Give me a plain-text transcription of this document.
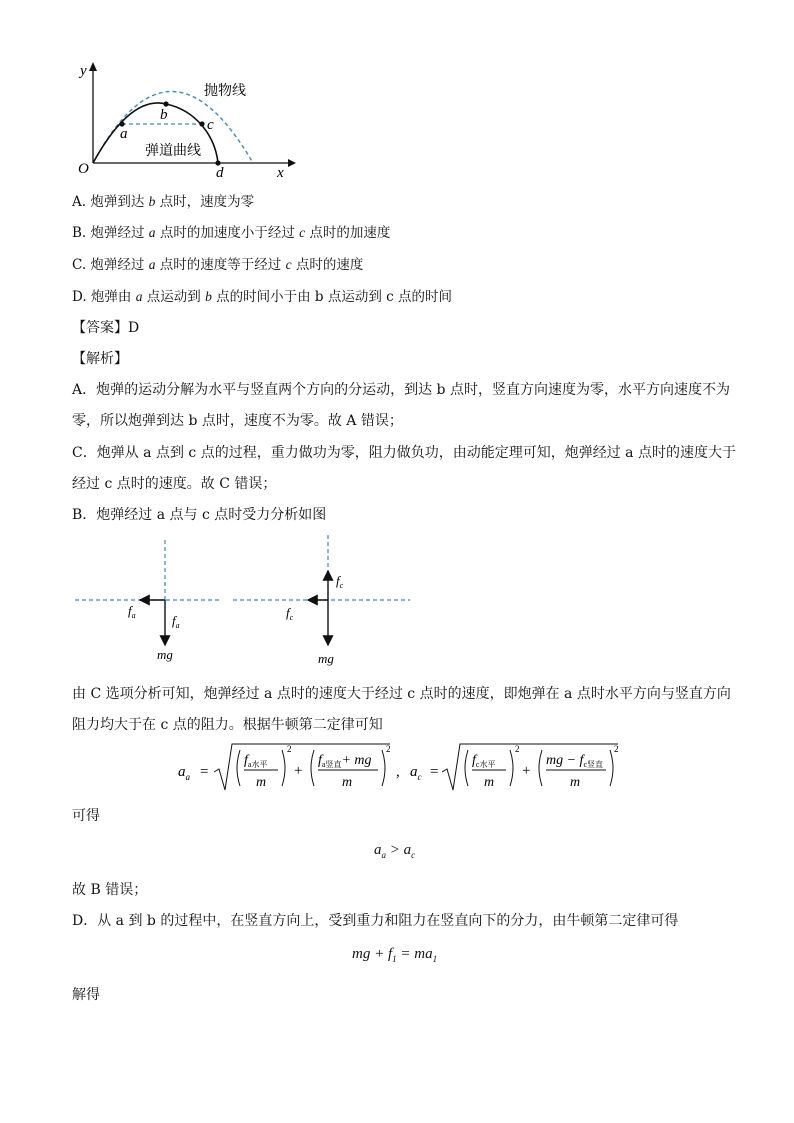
y
x
O
抛物线
弹道曲线
a
b
c
d
A. 炮弹到达 b 点时，速度为零
B. 炮弹经过 a 点时的加速度小于经过 c 点时的加速度
C. 炮弹经过 a 点时的速度等于经过 c 点时的速度
D. 炮弹由 a 点运动到 b 点的时间小于由 b 点运动到 c 点的时间
【答案】D
【解析】
A．炮弹的运动分解为水平与竖直两个方向的分运动，到达 b 点时，竖直方向速度为零，水平方向速度不为
零，所以炮弹到达 b 点时，速度不为零。故 A 错误；
C．炮弹从 a 点到 c 点的过程，重力做功为零，阻力做负功，由动能定理可知，炮弹经过 a 点时的速度大于
经过 c 点时的速度。故 C 错误；
B．炮弹经过 a 点与 c 点时受力分析如图
$f_a$	$f_a$
mg
$f_c$
$f_c$
mg
由 C 选项分析可知，炮弹经过 a 点时的速度大于经过 c 点时的速度，即炮弹在 a 点时水平方向与竖直方向
阻力均大于在 c 点的阻力。根据牛顿第二定律可知
$a_a$ =
$f_{a水平}$
m
2
+
$f_{a竖直}+$ mg
m
2
, $a_c$ =
$f_{c水平}$
m
2
+
mg − $f_{c竖直}$
m
2
可得
$a_a > a_c$
故 B 错误；
D．从 a 到 b 的过程中，在竖直方向上，受到重力和阻力在竖直向下的分力，由牛顿第二定律可得
mg + $f_1 = ma_1$
解得
